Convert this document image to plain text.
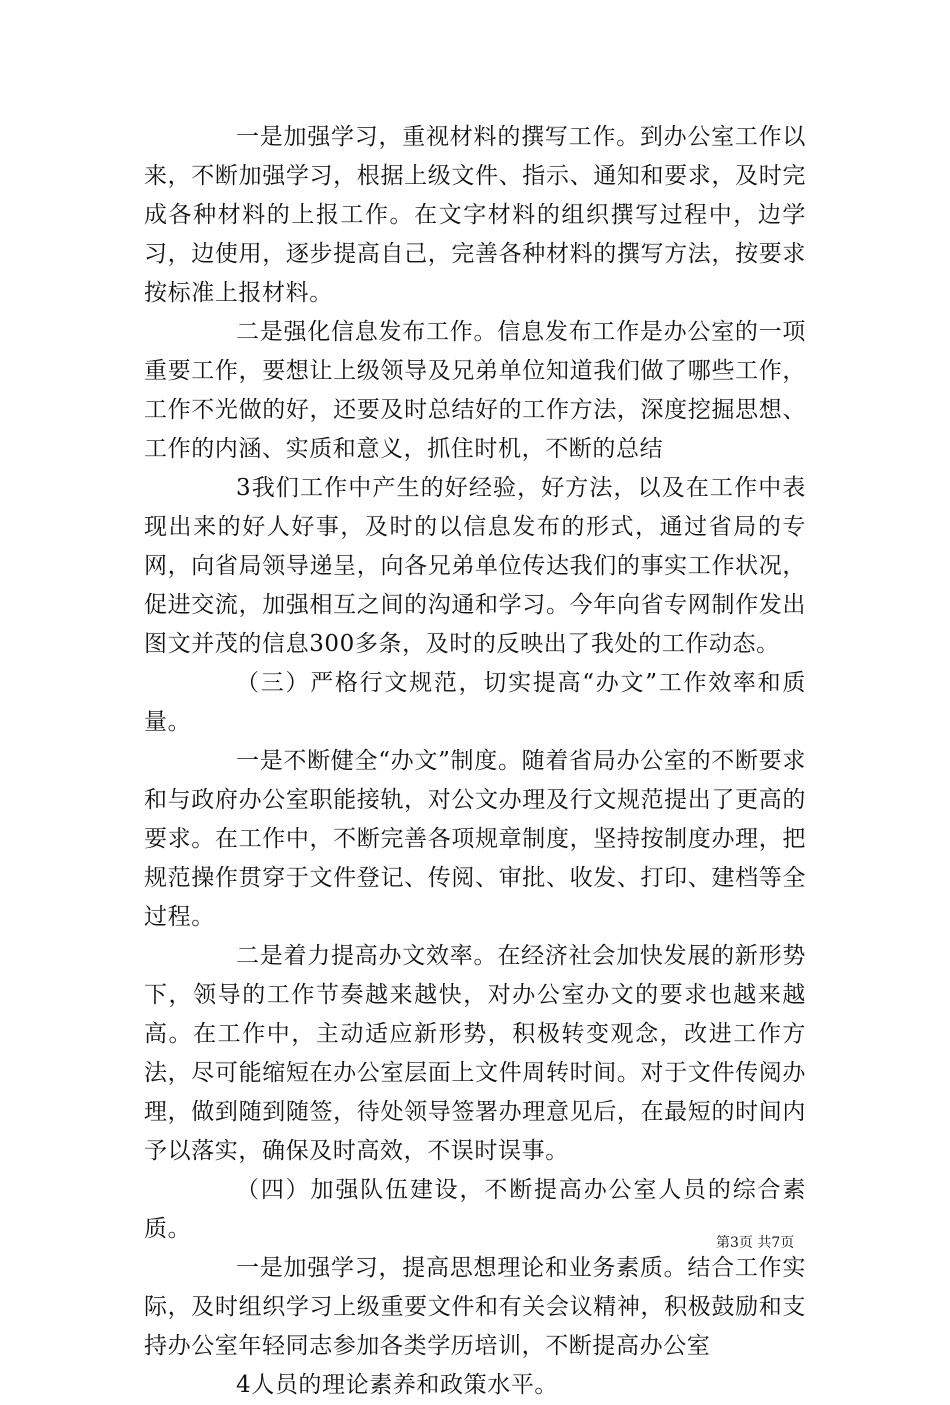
一是加强学习，重视材料的撰写工作。到办公室工作以来，不断加强学习，根据上级文件、指示、通知和要求，及时完成各种材料的上报工作。在文字材料的组织撰写过程中，边学习，边使用，逐步提高自己，完善各种材料的撰写方法，按要求按标准上报材料。

二是强化信息发布工作。信息发布工作是办公室的一项重要工作，要想让上级领导及兄弟单位知道我们做了哪些工作，工作不光做的好，还要及时总结好的工作方法，深度挖掘思想、工作的内涵、实质和意义，抓住时机，不断的总结

3我们工作中产生的好经验，好方法，以及在工作中表现出来的好人好事，及时的以信息发布的形式，通过省局的专网，向省局领导递呈，向各兄弟单位传达我们的事实工作状况，促进交流，加强相互之间的沟通和学习。今年向省专网制作发出图文并茂的信息300多条，及时的反映出了我处的工作动态。

（三）严格行文规范，切实提高“办文”工作效率和质量。

一是不断健全“办文”制度。随着省局办公室的不断要求和与政府办公室职能接轨，对公文办理及行文规范提出了更高的要求。在工作中，不断完善各项规章制度，坚持按制度办理，把规范操作贯穿于文件登记、传阅、审批、收发、打印、建档等全过程。

二是着力提高办文效率。在经济社会加快发展的新形势下，领导的工作节奏越来越快，对办公室办文的要求也越来越高。在工作中，主动适应新形势，积极转变观念，改进工作方法，尽可能缩短在办公室层面上文件周转时间。对于文件传阅办理，做到随到随签，待处领导签署办理意见后，在最短的时间内予以落实，确保及时高效，不误时误事。

（四）加强队伍建设，不断提高办公室人员的综合素质。

一是加强学习，提高思想理论和业务素质。结合工作实际，及时组织学习上级重要文件和有关会议精神，积极鼓励和支持办公室年轻同志参加各类学历培训，不断提高办公室

4人员的理论素养和政策水平。

第3页 共7页
